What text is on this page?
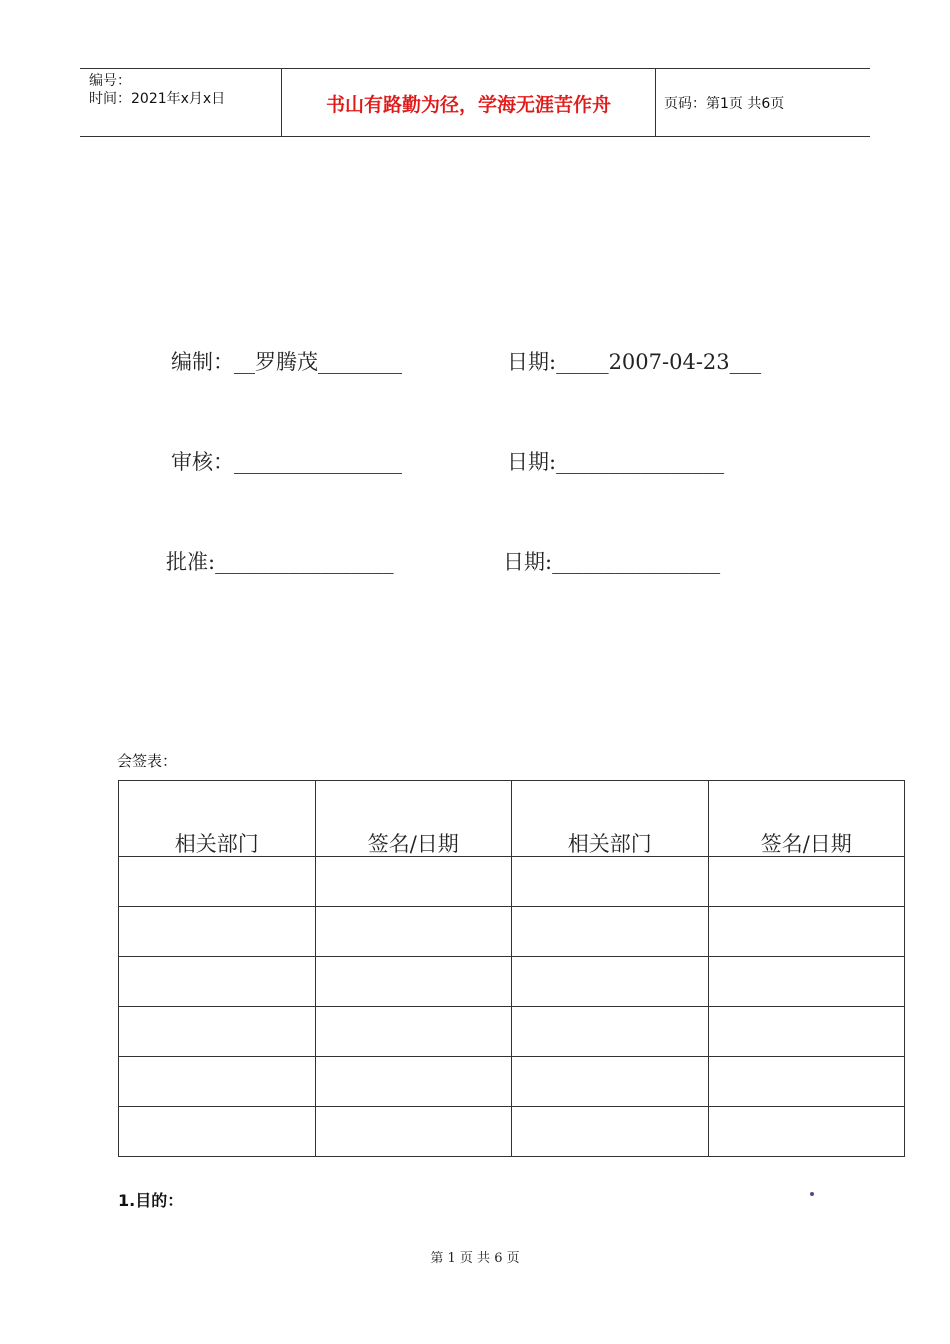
编号：
时间：2021年x月x日	书山有路勤为径，学海无涯苦作舟	页码：第1页 共6页
编制：__罗腾茂________	日期:_____2007-04-23___
审核：________________	日期:________________
批准:_________________	日期:________________
会签表：
相关部门	签名/日期	相关部门	签名/日期

1.目的：
第 1 页 共 6 页
